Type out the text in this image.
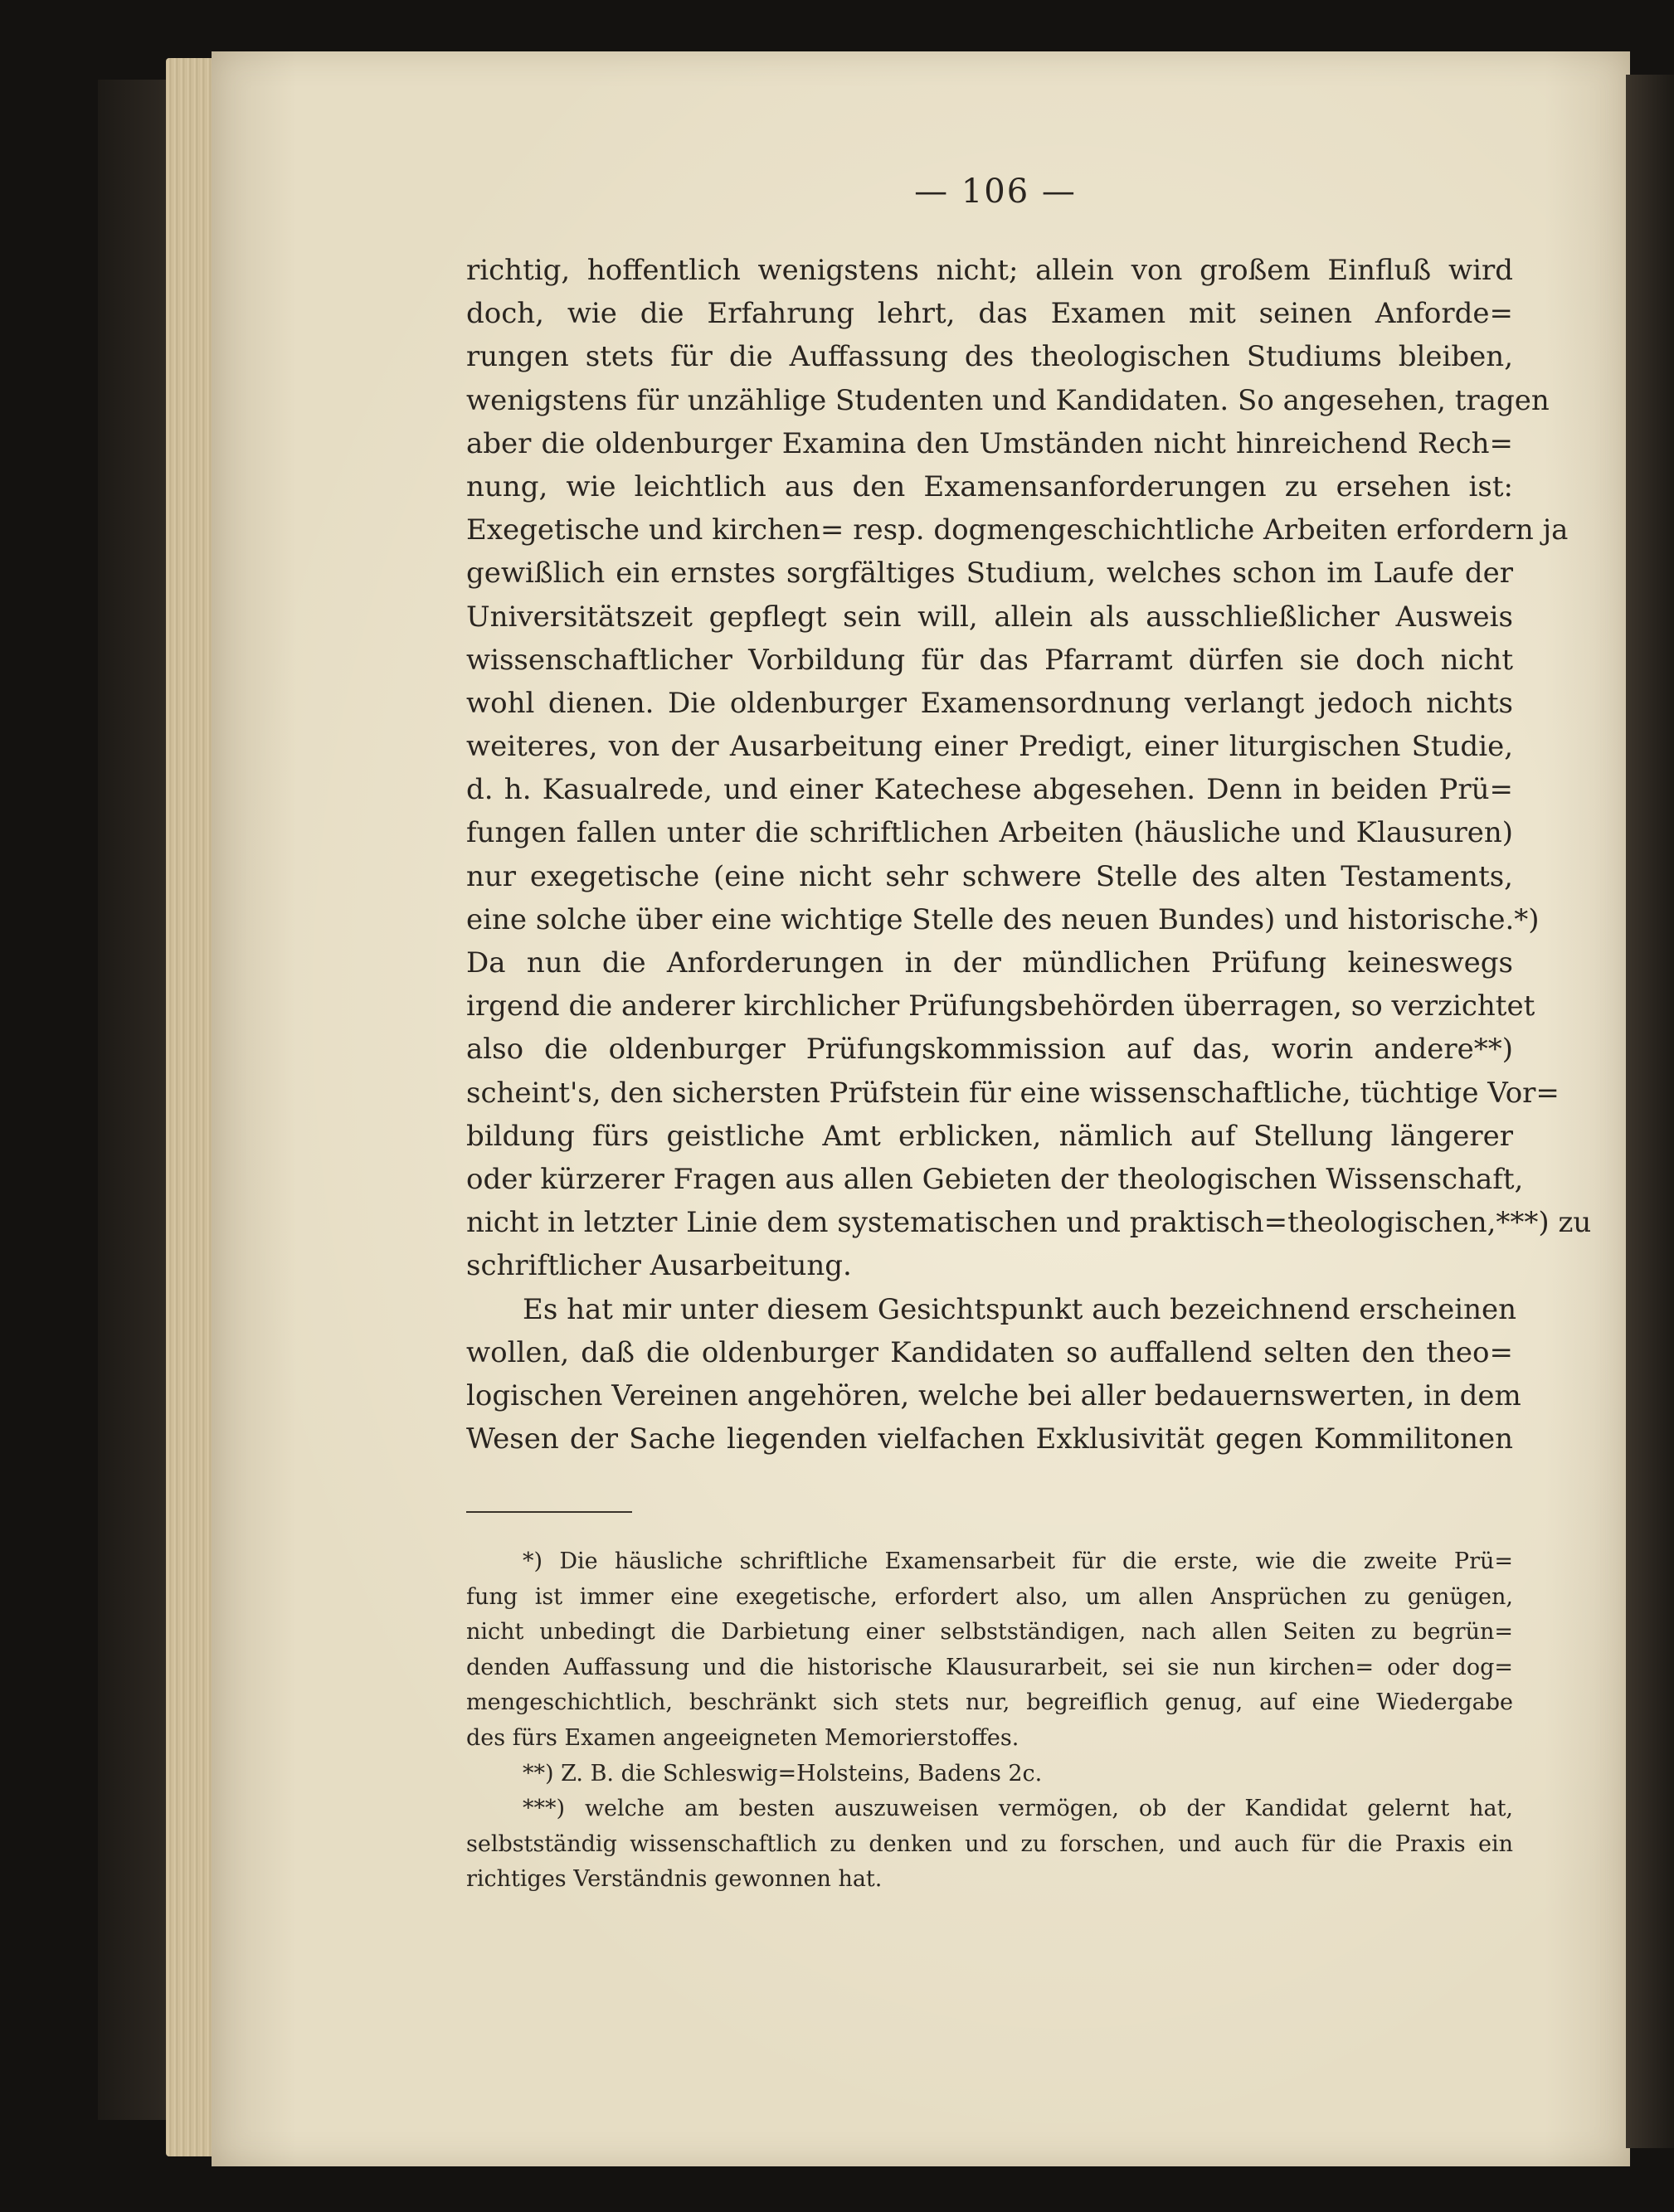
— 106 —
richtig, hoffentlich wenigstens nicht; allein von großem Einfluß wird
doch, wie die Erfahrung lehrt, das Examen mit seinen Anforde=
rungen stets für die Auffassung des theologischen Studiums bleiben,
wenigstens für unzählige Studenten und Kandidaten. So angesehen, tragen
aber die oldenburger Examina den Umständen nicht hinreichend Rech=
nung, wie leichtlich aus den Examensanforderungen zu ersehen ist:
Exegetische und kirchen= resp. dogmengeschichtliche Arbeiten erfordern ja
gewißlich ein ernstes sorgfältiges Studium, welches schon im Laufe der
Universitätszeit gepflegt sein will, allein als ausschließlicher Ausweis
wissenschaftlicher Vorbildung für das Pfarramt dürfen sie doch nicht
wohl dienen. Die oldenburger Examensordnung verlangt jedoch nichts
weiteres, von der Ausarbeitung einer Predigt, einer liturgischen Studie,
d. h. Kasualrede, und einer Katechese abgesehen. Denn in beiden Prü=
fungen fallen unter die schriftlichen Arbeiten (häusliche und Klausuren)
nur exegetische (eine nicht sehr schwere Stelle des alten Testaments,
eine solche über eine wichtige Stelle des neuen Bundes) und historische.*)
Da nun die Anforderungen in der mündlichen Prüfung keineswegs
irgend die anderer kirchlicher Prüfungsbehörden überragen, so verzichtet
also die oldenburger Prüfungskommission auf das, worin andere**)
scheint's, den sichersten Prüfstein für eine wissenschaftliche, tüchtige Vor=
bildung fürs geistliche Amt erblicken, nämlich auf Stellung längerer
oder kürzerer Fragen aus allen Gebieten der theologischen Wissenschaft,
nicht in letzter Linie dem systematischen und praktisch=theologischen,***) zu
schriftlicher Ausarbeitung.
Es hat mir unter diesem Gesichtspunkt auch bezeichnend erscheinen
wollen, daß die oldenburger Kandidaten so auffallend selten den theo=
logischen Vereinen angehören, welche bei aller bedauernswerten, in dem
Wesen der Sache liegenden vielfachen Exklusivität gegen Kommilitonen
*) Die häusliche schriftliche Examensarbeit für die erste, wie die zweite Prü=
fung ist immer eine exegetische, erfordert also, um allen Ansprüchen zu genügen,
nicht unbedingt die Darbietung einer selbstständigen, nach allen Seiten zu begrün=
denden Auffassung und die historische Klausurarbeit, sei sie nun kirchen= oder dog=
mengeschichtlich, beschränkt sich stets nur, begreiflich genug, auf eine Wiedergabe
des fürs Examen angeeigneten Memorierstoffes.
**) Z. B. die Schleswig=Holsteins, Badens 2c.
***) welche am besten auszuweisen vermögen, ob der Kandidat gelernt hat,
selbstständig wissenschaftlich zu denken und zu forschen, und auch für die Praxis ein
richtiges Verständnis gewonnen hat.
